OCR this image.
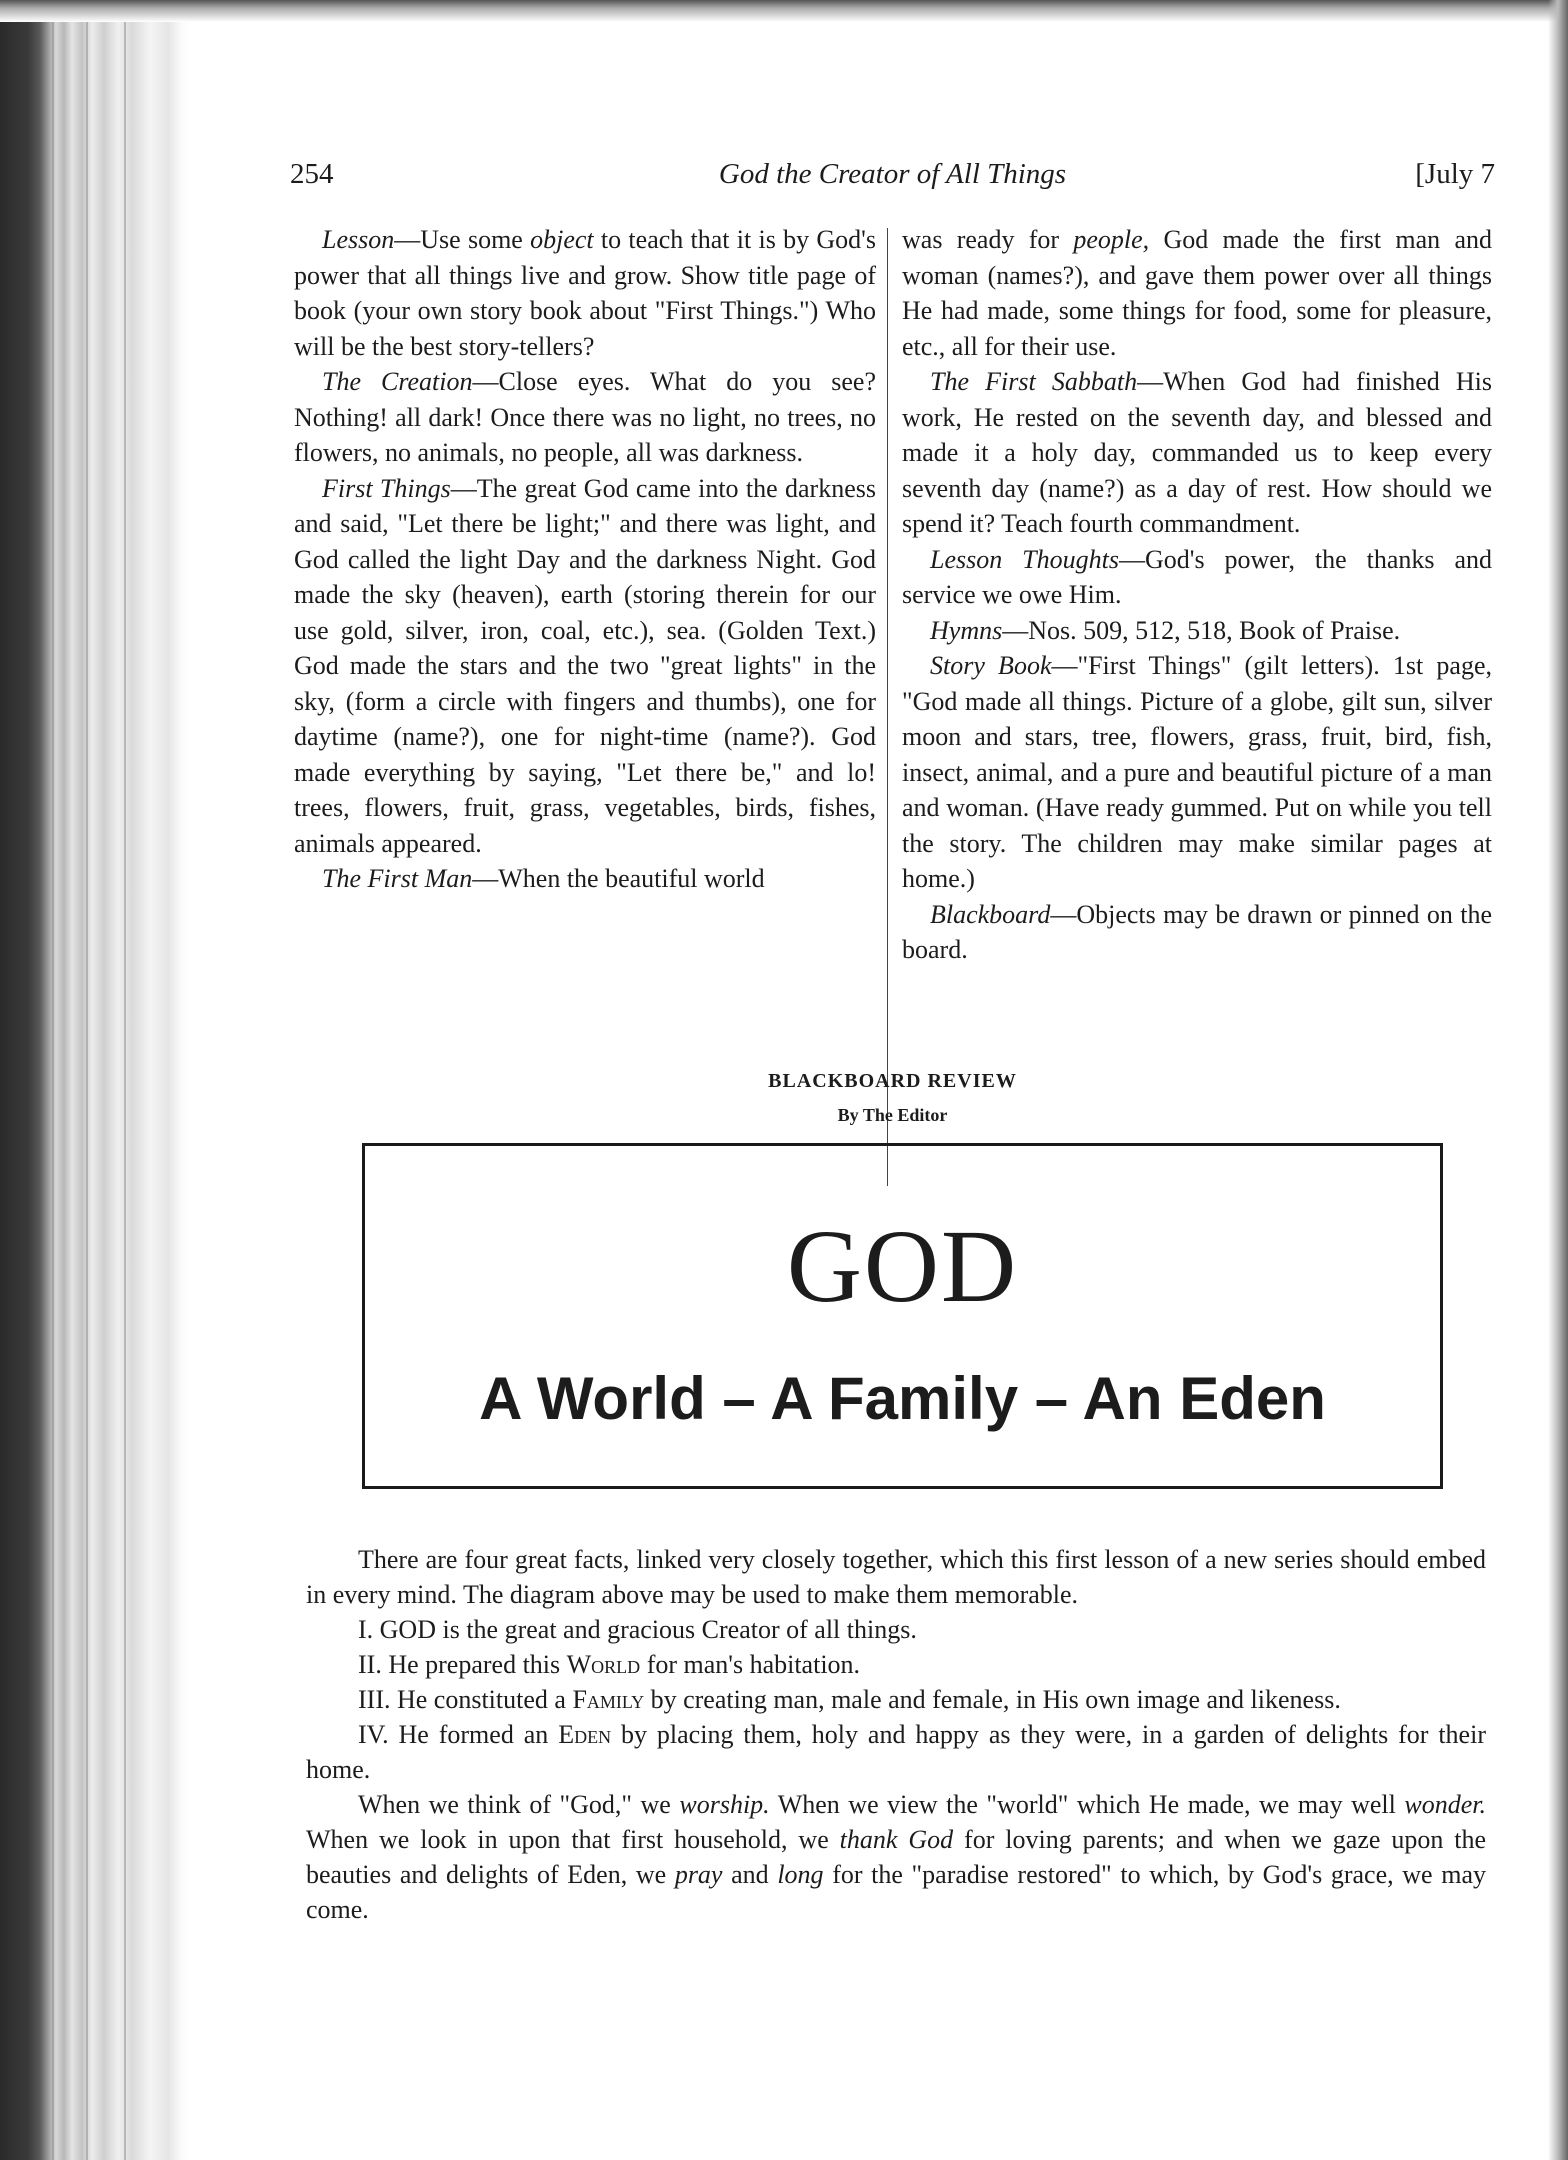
254	God the Creator of All Things	[July 7

Lesson—Use some object to teach that it is by God's power that all things live and grow. Show title page of book (your own story book about "First Things.") Who will be the best story-tellers?

The Creation—Close eyes. What do you see? Nothing! all dark! Once there was no light, no trees, no flowers, no animals, no people, all was darkness.

First Things—The great God came into the darkness and said, "Let there be light;" and there was light, and God called the light Day and the darkness Night. God made the sky (heaven), earth (storing therein for our use gold, silver, iron, coal, etc.), sea. (Golden Text.) God made the stars and the two "great lights" in the sky, (form a circle with fingers and thumbs), one for daytime (name?), one for night-time (name?). God made everything by saying, "Let there be," and lo! trees, flowers, fruit, grass, vegetables, birds, fishes, animals appeared.

The First Man—When the beautiful world

was ready for people, God made the first man and woman (names?), and gave them power over all things He had made, some things for food, some for pleasure, etc., all for their use.

The First Sabbath—When God had finished His work, He rested on the seventh day, and blessed and made it a holy day, commanded us to keep every seventh day (name?) as a day of rest. How should we spend it? Teach fourth commandment.

Lesson Thoughts—God's power, the thanks and service we owe Him.

Hymns—Nos. 509, 512, 518, Book of Praise.

Story Book—"First Things" (gilt letters). 1st page, "God made all things. Picture of a globe, gilt sun, silver moon and stars, tree, flowers, grass, fruit, bird, fish, insect, animal, and a pure and beautiful picture of a man and woman. (Have ready gummed. Put on while you tell the story. The children may make similar pages at home.)

Blackboard—Objects may be drawn or pinned on the board.

BLACKBOARD REVIEW
By The Editor
GOD
A World – A Family – An Eden

There are four great facts, linked very closely together, which this first lesson of a new series should embed in every mind. The diagram above may be used to make them memorable.

I. GOD is the great and gracious Creator of all things.

II. He prepared this World for man's habitation.

III. He constituted a Family by creating man, male and female, in His own image and likeness.

IV. He formed an Eden by placing them, holy and happy as they were, in a garden of delights for their home.

When we think of "God," we worship. When we view the "world" which He made, we may well wonder. When we look in upon that first household, we thank God for loving parents; and when we gaze upon the beauties and delights of Eden, we pray and long for the "paradise restored" to which, by God's grace, we may come.
